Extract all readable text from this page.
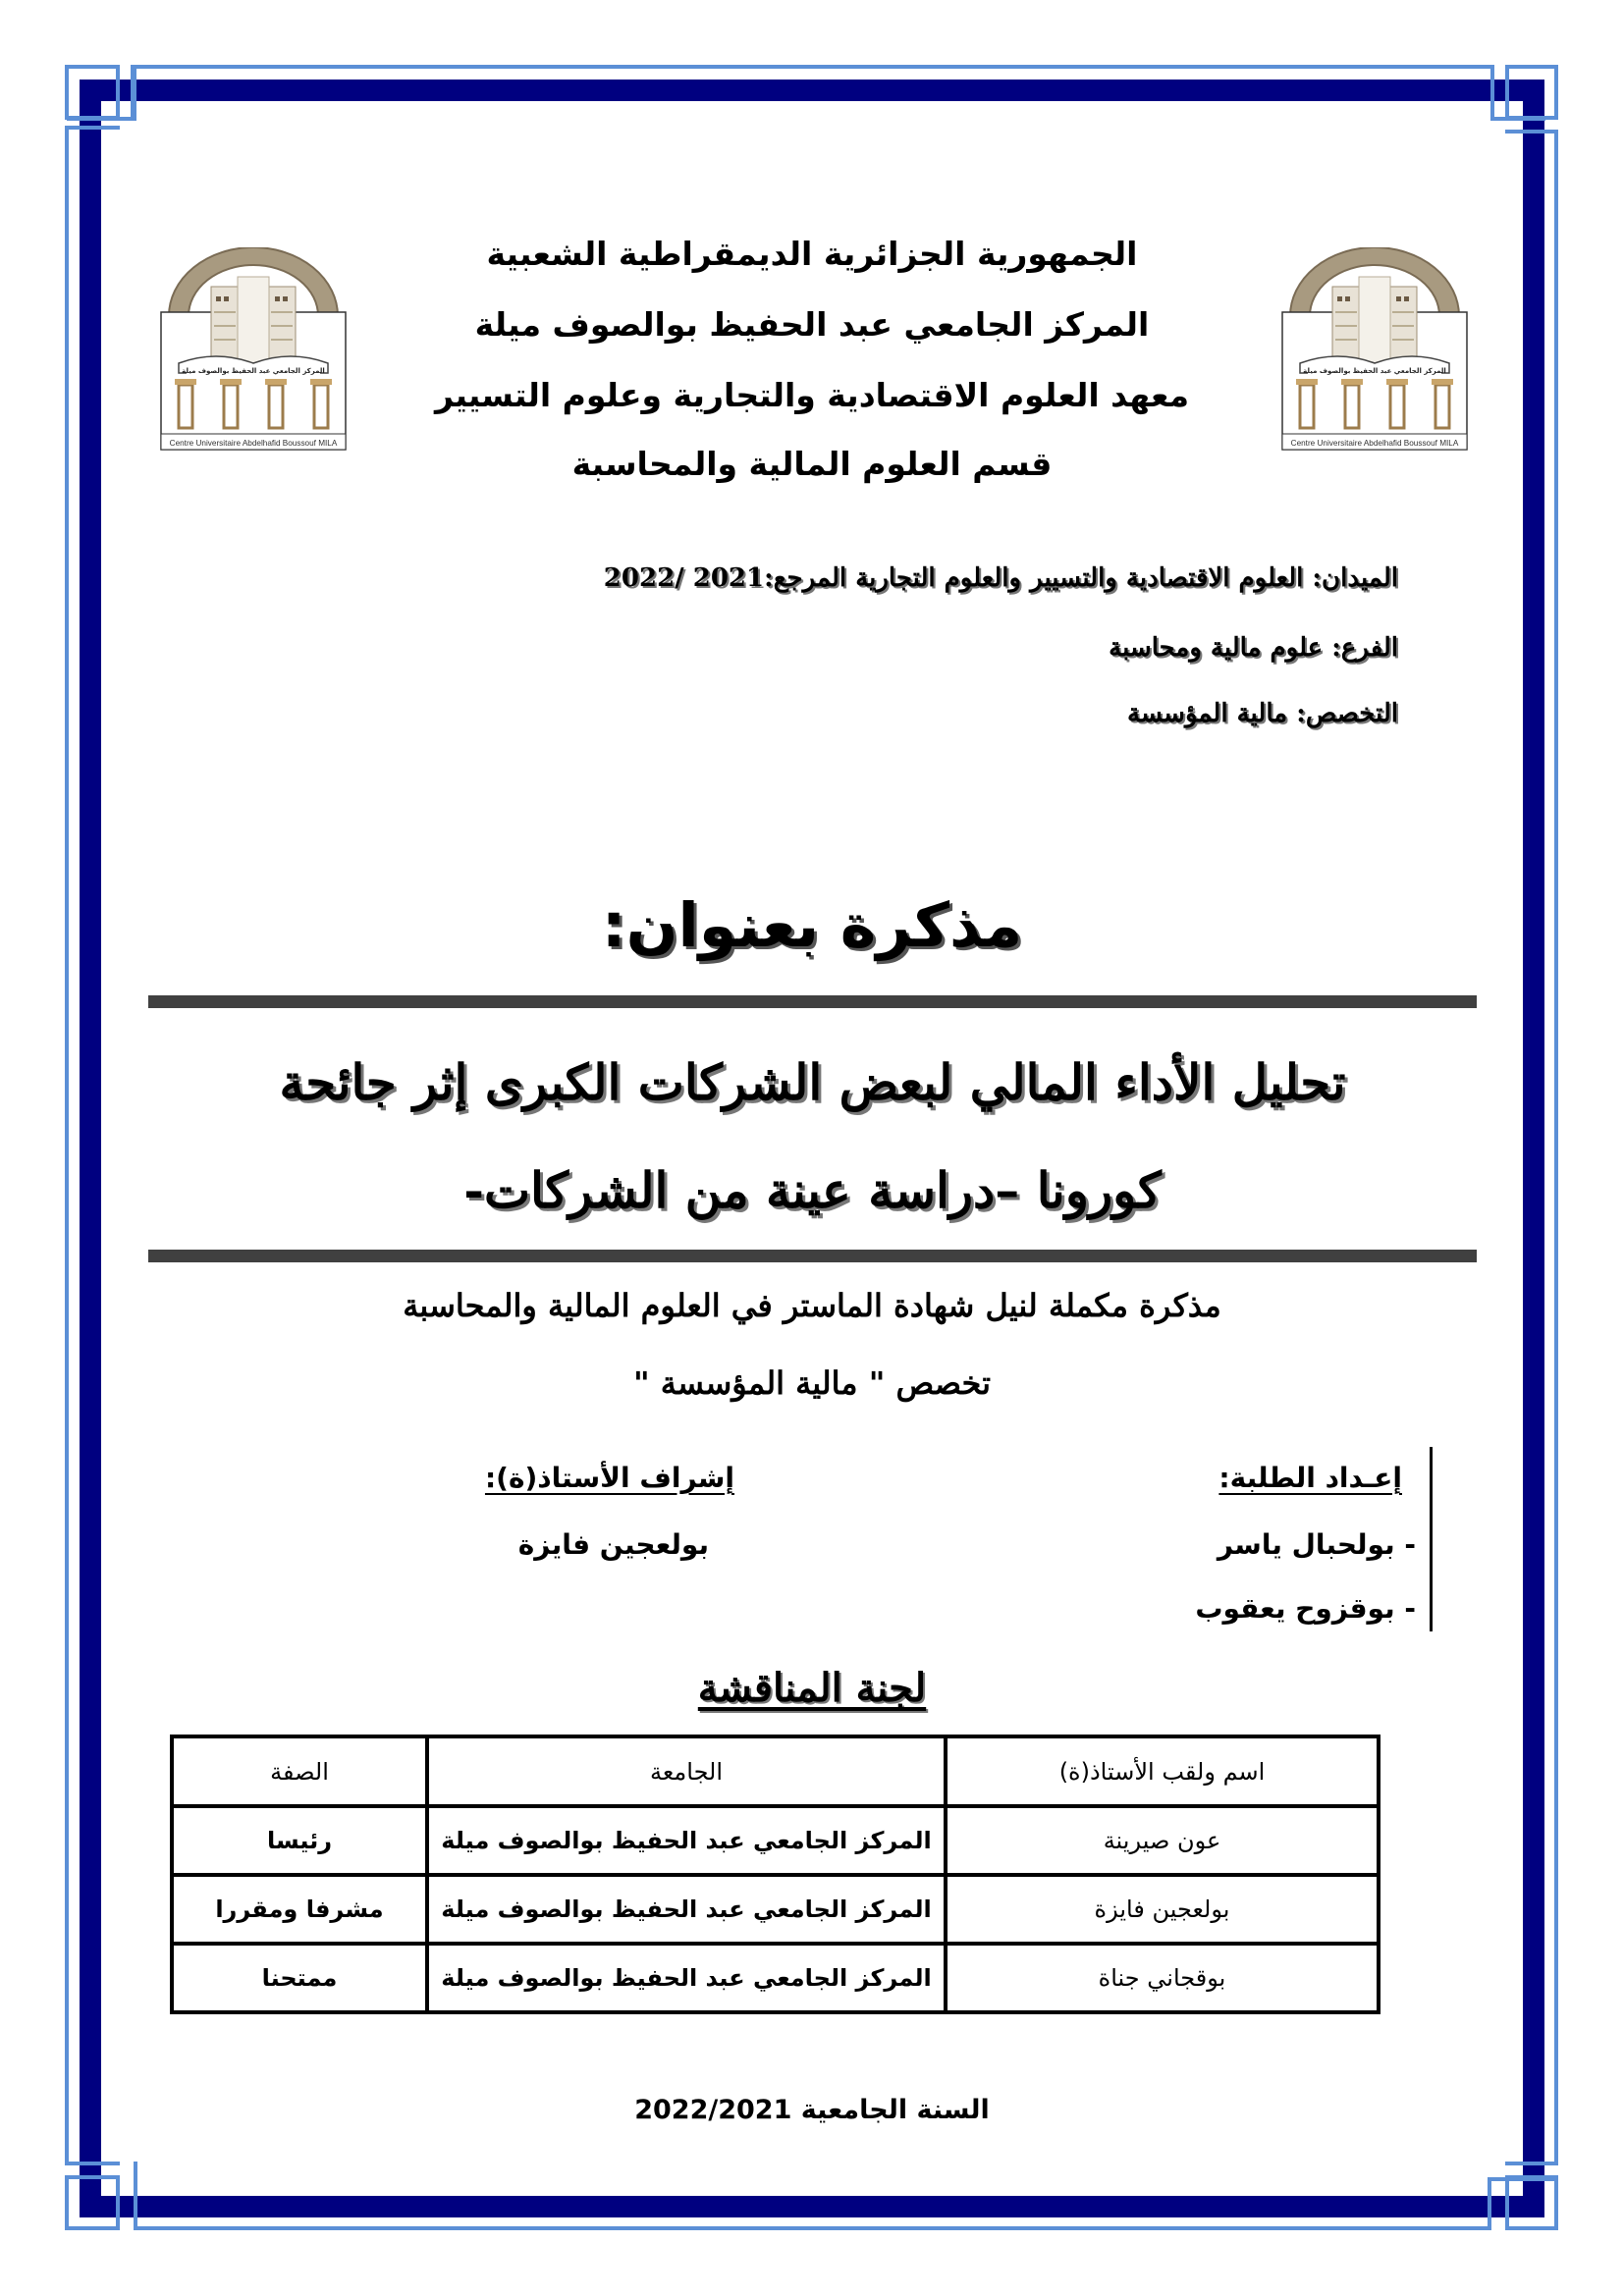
المركز الجامعي عبد الحفيظ بوالصوف ميلة
Centre Universitaire Abdelhafid Boussouf MILA
المركز الجامعي عبد الحفيظ بوالصوف ميلة
Centre Universitaire Abdelhafid Boussouf MILA
الجمهورية الجزائرية الديمقراطية الشعبية
المركز الجامعي عبد الحفيظ بوالصوف ميلة
معهد العلوم الاقتصادية والتجارية وعلوم التسيير
قسم العلوم المالية والمحاسبة
الميدان: العلوم الاقتصادية والتسيير والعلوم التجارية المرجع:2021 /2022
الفرع: علوم مالية ومحاسبة
التخصص: مالية المؤسسة
مذكرة بعنوان:
تحليل الأداء المالي لبعض الشركات الكبرى إثر جائحة
كورونا –دراسة عينة من الشركات-
مذكرة مكملة لنيل شهادة الماستر في العلوم المالية والمحاسبة
تخصص " مالية المؤسسة "
إعـداد الطلبة:
- بولحبال ياسر
- بوقزوح يعقوب
إشراف الأستاذ(ة):
بولعجين فايزة
لجنة المناقشة
اسم ولقب الأستاذ(ة)	الجامعة	الصفة
عون صيرينة	المركز الجامعي عبد الحفيظ بوالصوف ميلة	رئيسا
بولعجين فايزة	المركز الجامعي عبد الحفيظ بوالصوف ميلة	مشرفا ومقررا
بوقجاني جناة	المركز الجامعي عبد الحفيظ بوالصوف ميلة	ممتحنا
السنة الجامعية 2022/2021
